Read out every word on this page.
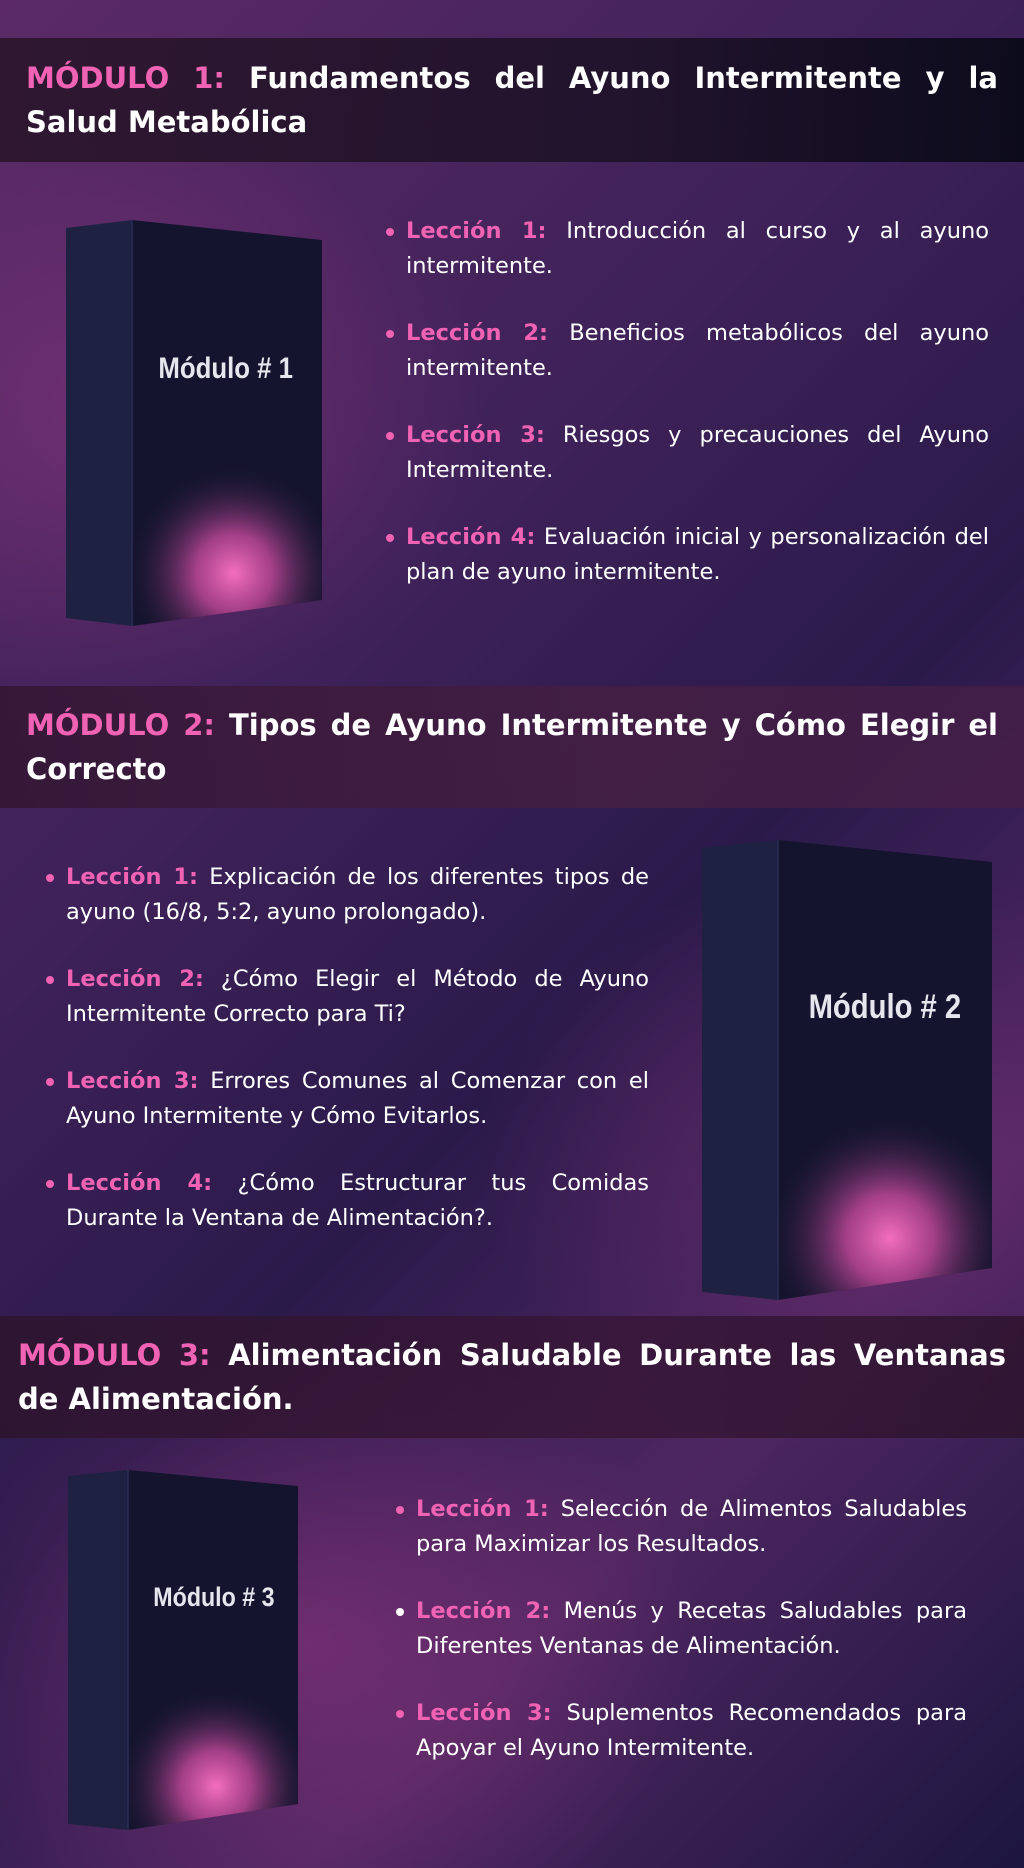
MÓDULO 1: Fundamentos del Ayuno Intermitente y la Salud Metabólica
Módulo # 1
Lección 1: Introducción al curso y al ayuno intermitente.
Lección 2: Beneficios metabólicos del ayuno intermitente.
Lección 3: Riesgos y precauciones del Ayuno Intermitente.
Lección 4: Evaluación inicial y personalización del plan de ayuno intermitente.
MÓDULO 2: Tipos de Ayuno Intermitente y Cómo Elegir el Correcto
Lección 1: Explicación de los diferentes tipos de ayuno (16/8, 5:2, ayuno prolongado).
Lección 2: ¿Cómo Elegir el Método de Ayuno Intermitente Correcto para Ti?
Lección 3: Errores Comunes al Comenzar con el Ayuno Intermitente y Cómo Evitarlos.
Lección 4: ¿Cómo Estructurar tus Comidas Durante la Ventana de Alimentación?.
Módulo # 2
MÓDULO 3: Alimentación Saludable Durante las Ventanas de Alimentación.
Módulo # 3
Lección 1: Selección de Alimentos Saludables para Maximizar los Resultados.
Lección 2: Menús y Recetas Saludables para Diferentes Ventanas de Alimentación.
Lección 3: Suplementos Recomendados para Apoyar el Ayuno Intermitente.
